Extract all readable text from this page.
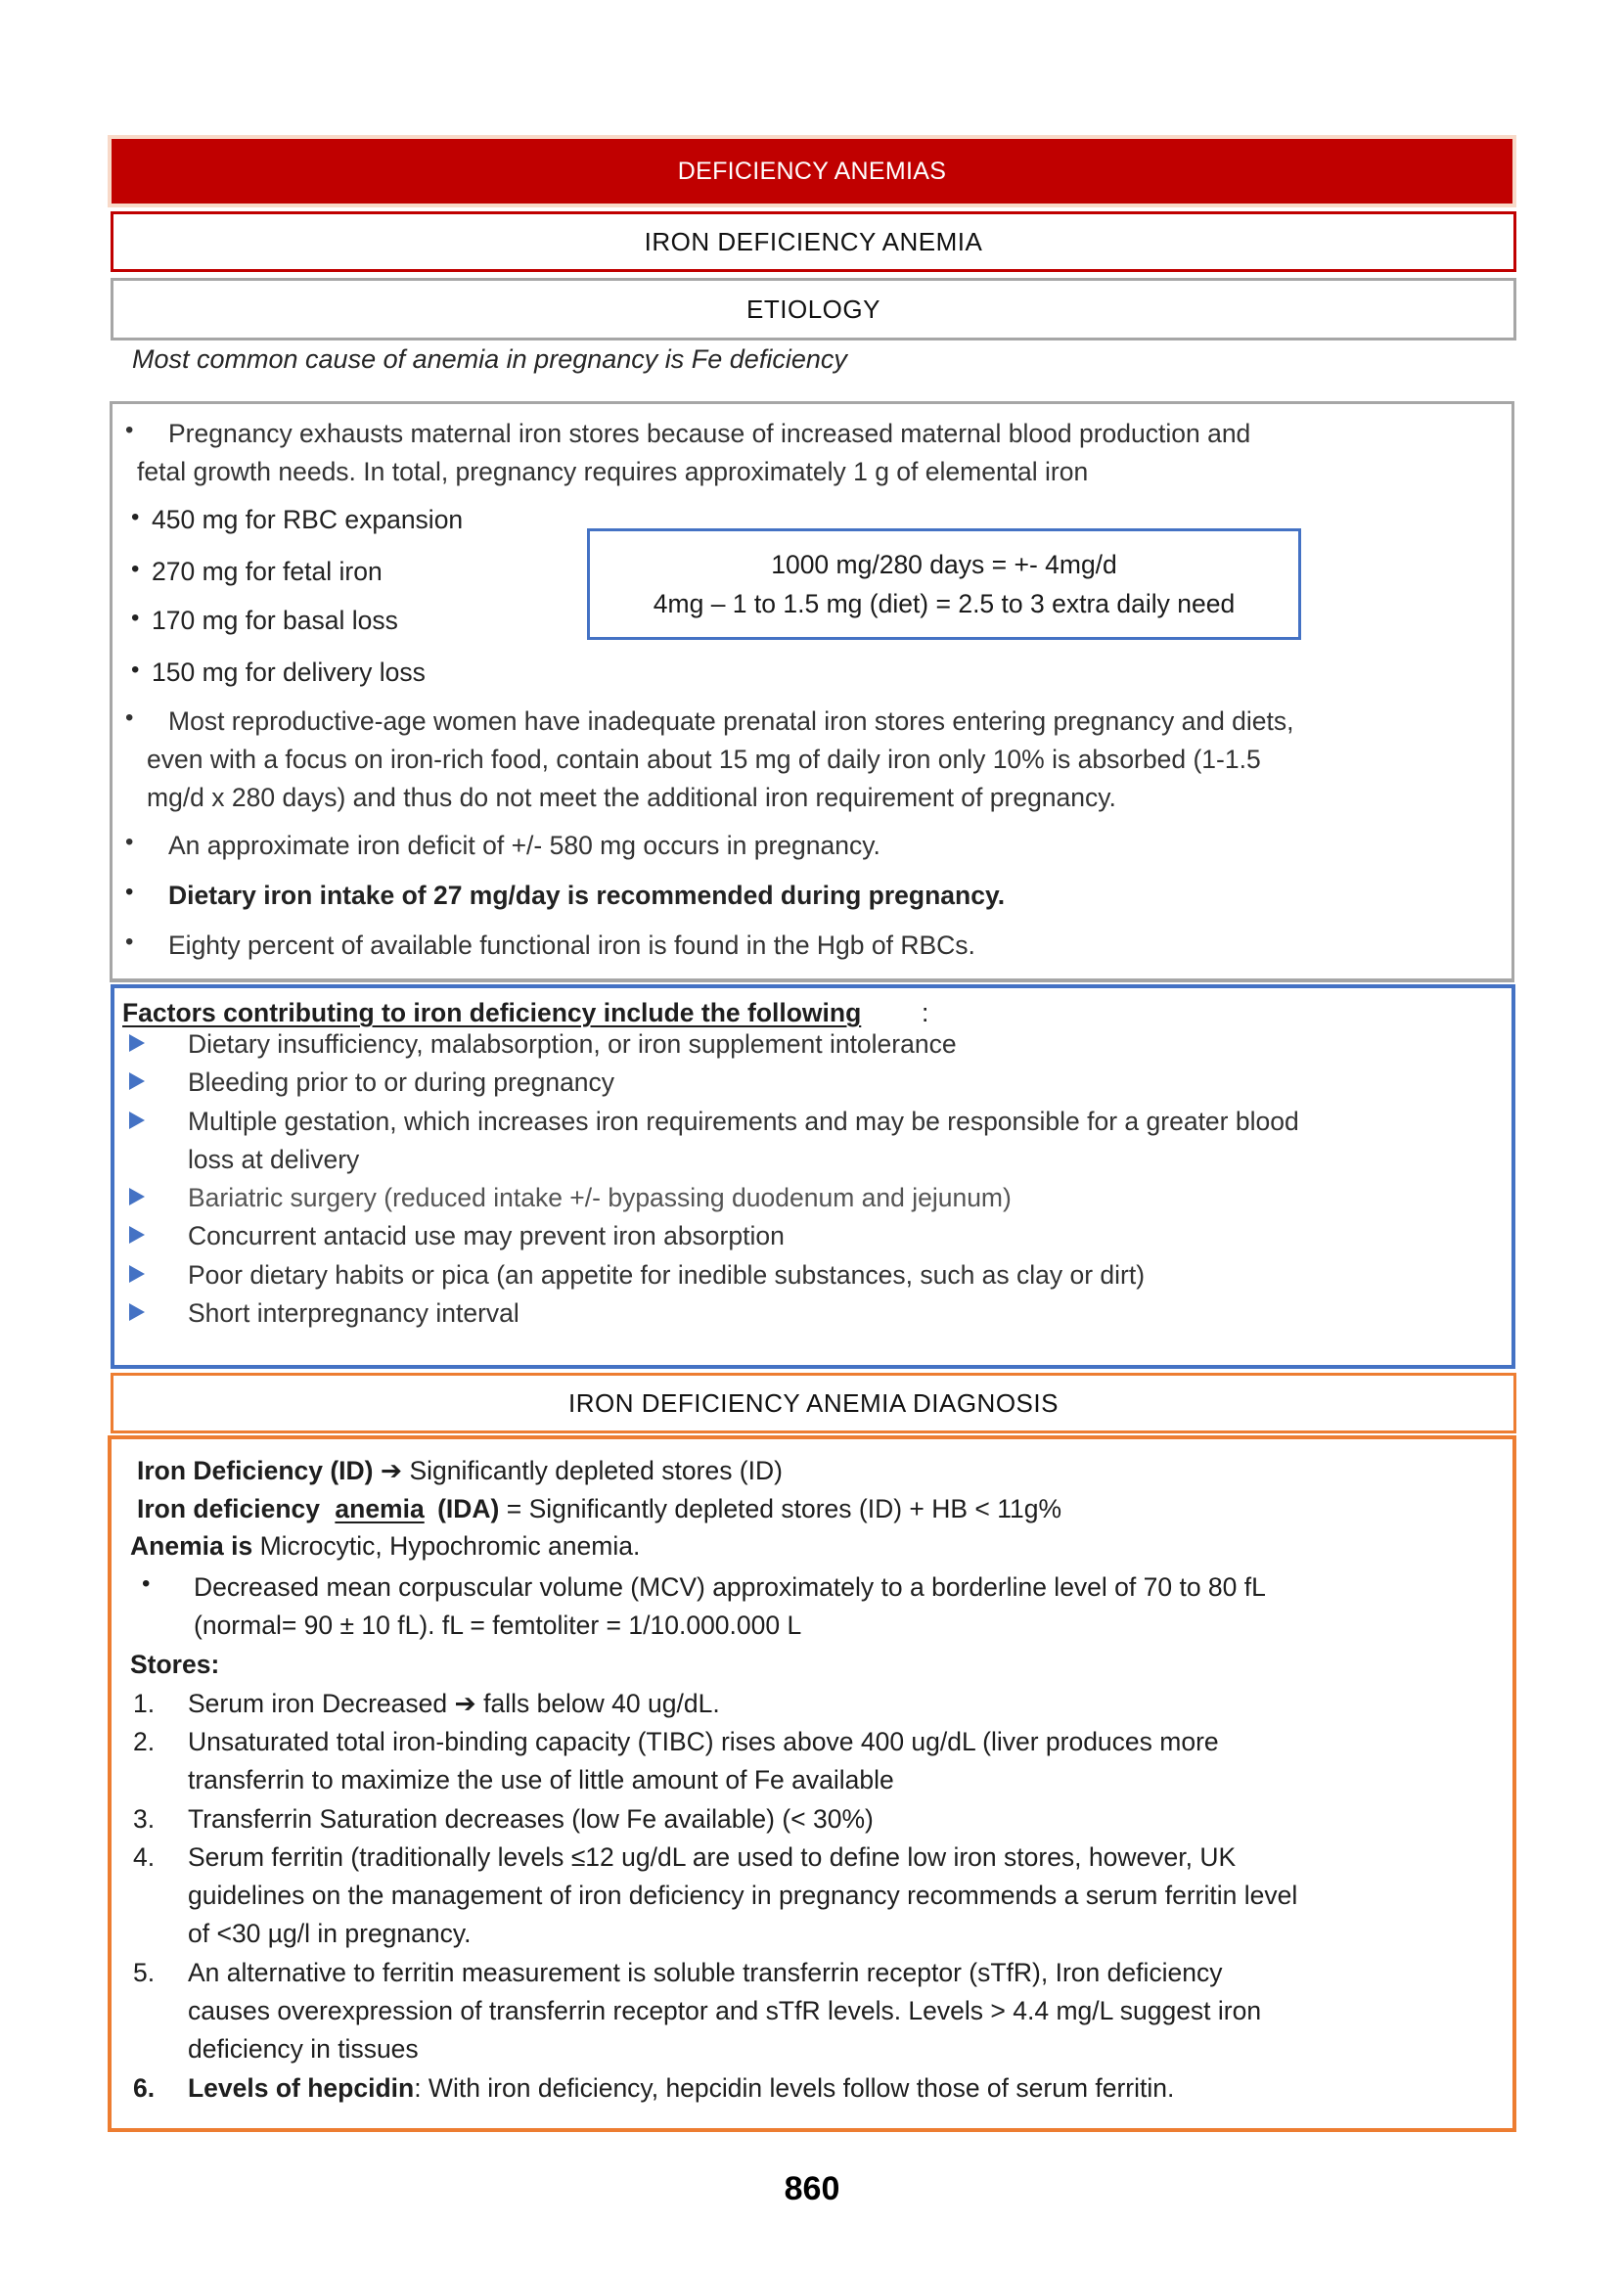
DEFICIENCY ANEMIAS
IRON DEFICIENCY ANEMIA
ETIOLOGY
Most common cause of anemia in pregnancy is Fe deficiency
• Pregnancy exhausts maternal iron stores because of increased maternal blood production and
fetal growth needs. In total, pregnancy requires approximately 1 g of elemental iron
• 450 mg for RBC expansion
• 270 mg for fetal iron
• 170 mg for basal loss
• 150 mg for delivery loss
1000 mg/280 days = +- 4mg/d
4mg – 1 to 1.5 mg (diet) = 2.5 to 3 extra daily need
• Most reproductive-age women have inadequate prenatal iron stores entering pregnancy and diets,
even with a focus on iron-rich food, contain about 15 mg of daily iron only 10% is absorbed (1-1.5
mg/d x 280 days) and thus do not meet the additional iron requirement of pregnancy.
• An approximate iron deficit of +/- 580 mg occurs in pregnancy.
• Dietary iron intake of 27 mg/day is recommended during pregnancy.
• Eighty percent of available functional iron is found in the Hgb of RBCs.
Factors contributing to iron deficiency include the following :
Dietary insufficiency, malabsorption, or iron supplement intolerance
Bleeding prior to or during pregnancy
Multiple gestation, which increases iron requirements and may be responsible for a greater blood
loss at delivery
Bariatric surgery (reduced intake +/- bypassing duodenum and jejunum)
Concurrent antacid use may prevent iron absorption
Poor dietary habits or pica (an appetite for inedible substances, such as clay or dirt)
Short interpregnancy interval
IRON DEFICIENCY ANEMIA DIAGNOSIS
Iron Deficiency (ID) ➔ Significantly depleted stores (ID)
Iron deficiency anemia (IDA) = Significantly depleted stores (ID) + HB < 11g%
Anemia is Microcytic, Hypochromic anemia.
• Decreased mean corpuscular volume (MCV) approximately to a borderline level of 70 to 80 fL
(normal= 90 ± 10 fL). fL = femtoliter = 1/10.000.000 L
Stores:
1. Serum iron Decreased ➔ falls below 40 ug/dL.
2. Unsaturated total iron-binding capacity (TIBC) rises above 400 ug/dL (liver produces more
transferrin to maximize the use of little amount of Fe available
3. Transferrin Saturation decreases (low Fe available) (< 30%)
4. Serum ferritin (traditionally levels ≤12 ug/dL are used to define low iron stores, however, UK
guidelines on the management of iron deficiency in pregnancy recommends a serum ferritin level
of <30 µg/l in pregnancy.
5. An alternative to ferritin measurement is soluble transferrin receptor (sTfR), Iron deficiency
causes overexpression of transferrin receptor and sTfR levels. Levels > 4.4 mg/L suggest iron
deficiency in tissues
6. Levels of hepcidin: With iron deficiency, hepcidin levels follow those of serum ferritin.
860
